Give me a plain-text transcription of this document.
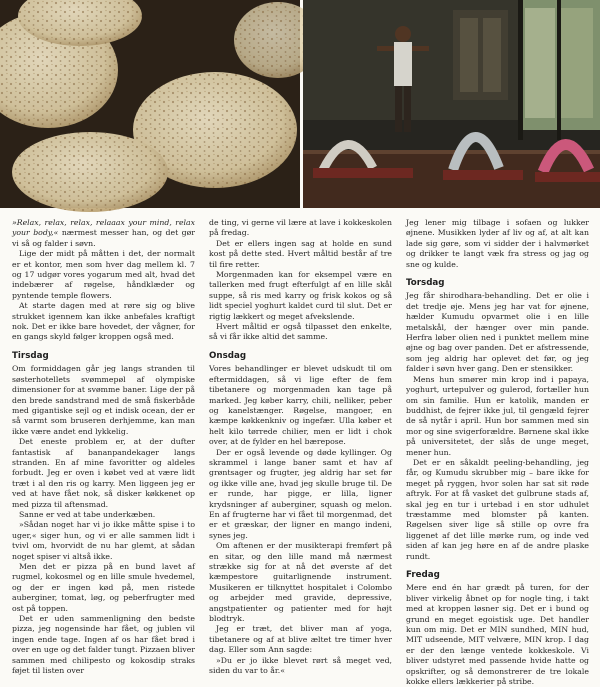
»Relax, relax, relax, relaaax your mind, relax your body,« nærmest messer han, og det gør vi så og falder i søvn.

Lige der midt på måtten i det, der normalt er et kontor, men som hver dag mellem kl. 7 og 17 udgør vores yogarum med alt, hvad det indebærer af røgelse, håndklæder og pyntende temple flowers.

At starte dagen med at røre sig og blive strukket igennem kan ikke anbefales kraftigt nok. Det er ikke bare hovedet, der vågner, for en gangs skyld følger kroppen også med.

Tirsdag

Om formiddagen går jeg langs stranden til søsterhotellets svømmepøl af olympiske dimensioner for at svømme baner. Lige der på den brede sandstrand med de små fiskerbåde med gigantiske sejl og et indisk ocean, der er så varmt som bruseren derhjemme, kan man ikke være andet end lykkelig.

Det eneste problem er, at der dufter fantastisk af bananpandekager langs stranden. En af mine favoritter og aldeles forbudt. Jeg er oven i købet ved at være lidt træt i al den ris og karry. Men liggeen jeg er ved at have fået nok, så disker køkkenet op med pizza til aftensmad.

Sanne er ved at tabe underkæben.

»Sådan noget har vi jo ikke måtte spise i to uger,« siger hun, og vi er alle sammen lidt i tvivl om, hvorvidt de nu har glemt, at sådan noget spiser vi altså ikke.

Men det er pizza på en bund lavet af rugmel, kokosmel og en lille smule hvedemel, og der er ingen kød på, men ristede auberginer, tomat, løg, og peberfrugter med ost på toppen.

Det er uden sammenligning den bedste pizza, jeg nogensinde har fået, og jublen vil ingen ende tage. Ingen af os har fået brød i over en uge og det falder tungt. Pizzaen bliver sammen med chilipesto og kokosdip straks føjet til listen over

de ting, vi gerne vil lære at lave i kokkeskolen på fredag.

Det er ellers ingen sag at holde en sund kost på dette sted. Hvert måltid består af tre til fire retter.

Morgenmaden kan for eksempel være en tallerken med frugt efterfulgt af en lille skål suppe, så ris med karry og frisk kokos og så lidt speciel yoghurt kaldet curd til slut. Det er rigtig lækkert og meget afvekslende.

Hvert måltid er også tilpasset den enkelte, så vi får ikke altid det samme.

Onsdag

Vores behandlinger er blevet udskudt til om eftermiddagen, så vi lige efter de fem tibetanere og morgenmaden kan tage på marked. Jeg køber karry, chili, nelliker, peber og kanelstænger. Røgelse, mangoer, en kæmpe køkkenkniv og ingefær. Ulla køber et helt kilo tørrede chilier, men er lidt i chok over, at de fylder en hel bærepose.

Der er også levende og døde kyllinger. Og skrammel i lange baner samt et hav af grøntsager og frugter, jeg aldrig har set før og ikke ville ane, hvad jeg skulle bruge til. De er runde, har pigge, er lilla, ligner krydsninger af auberginer, squash og melon. En af frugterne har vi fået til morgenmad, det er et græskar, der ligner en mango indeni, synes jeg.

Om aftenen er der musikterapi fremført på en sitar, og den lille mand må nærmest strække sig for at nå det øverste af det kæmpestore guitarlignende instrument. Musikeren er tilknyttet hospitalet i Colombo og arbejder med gravide, depressive, angstpatienter og patienter med for højt blodtryk.

Jeg er træt, det bliver man af yoga, tibetanere og af at blive æltet tre timer hver dag. Eller som Ann sagde:

»Du er jo ikke blevet rørt så meget ved, siden du var to år.«

Jeg lener mig tilbage i sofaen og lukker øjnene. Musikken lyder af liv og af, at alt kan lade sig gøre, som vi sidder der i halvmørket og drikker te langt væk fra stress og jag og sne og kulde.

Torsdag

Jeg får shirodhara-behandling. Det er olie i det tredje øje. Mens jeg har vat for øjnene, hælder Kumudu opvarmet olie i en lille metalskål, der hænger over min pande. Herfra løber olien ned i punktet mellem mine øjne og bag over panden. Det er afstressende, som jeg aldrig har oplevet det før, og jeg falder i søvn hver gang. Den er stensikker.

Mens hun smører min krop ind i papaya, yoghurt, urtepulver og gulerod, fortæller hun om sin familie. Hun er katolik, manden er buddhist, de fejrer ikke jul, til gengæld fejrer de så nytår i april. Hun bor sammen med sin mor og sine svigerforældre. Børnene skal ikke på universitetet, der slås de unge meget, mener hun.

Det er en såkaldt peeling-behandling, jeg får, og Kumudu skrubber mig – bare ikke for meget på ryggen, hvor solen har sat sit røde aftryk. For at få vasket det gulbrune stads af, skal jeg en tur i urtebad i en stor udhulet træstamme med blomster på kanten. Røgelsen siver lige så stille op ovre fra liggenet af det lille mørke rum, og inde ved siden af kan jeg høre en af de andre plaske rundt.

Fredag

Mere end én har grædt på turen, for der bliver virkelig åbnet op for nogle ting, i takt med at kroppen løsner sig. Det er i bund og grund en meget egoistisk uge. Det handler kun om mig. Det er MIN sundhed, MIN hud, MIT udseende, MIT velvære, MIN krop. I dag er der den længe ventede kokkeskole. Vi bliver udstyret med passende hvide hatte og opskrifter, og så demonstrerer de tre lokale kokke ellers lækkerier på stribe.
